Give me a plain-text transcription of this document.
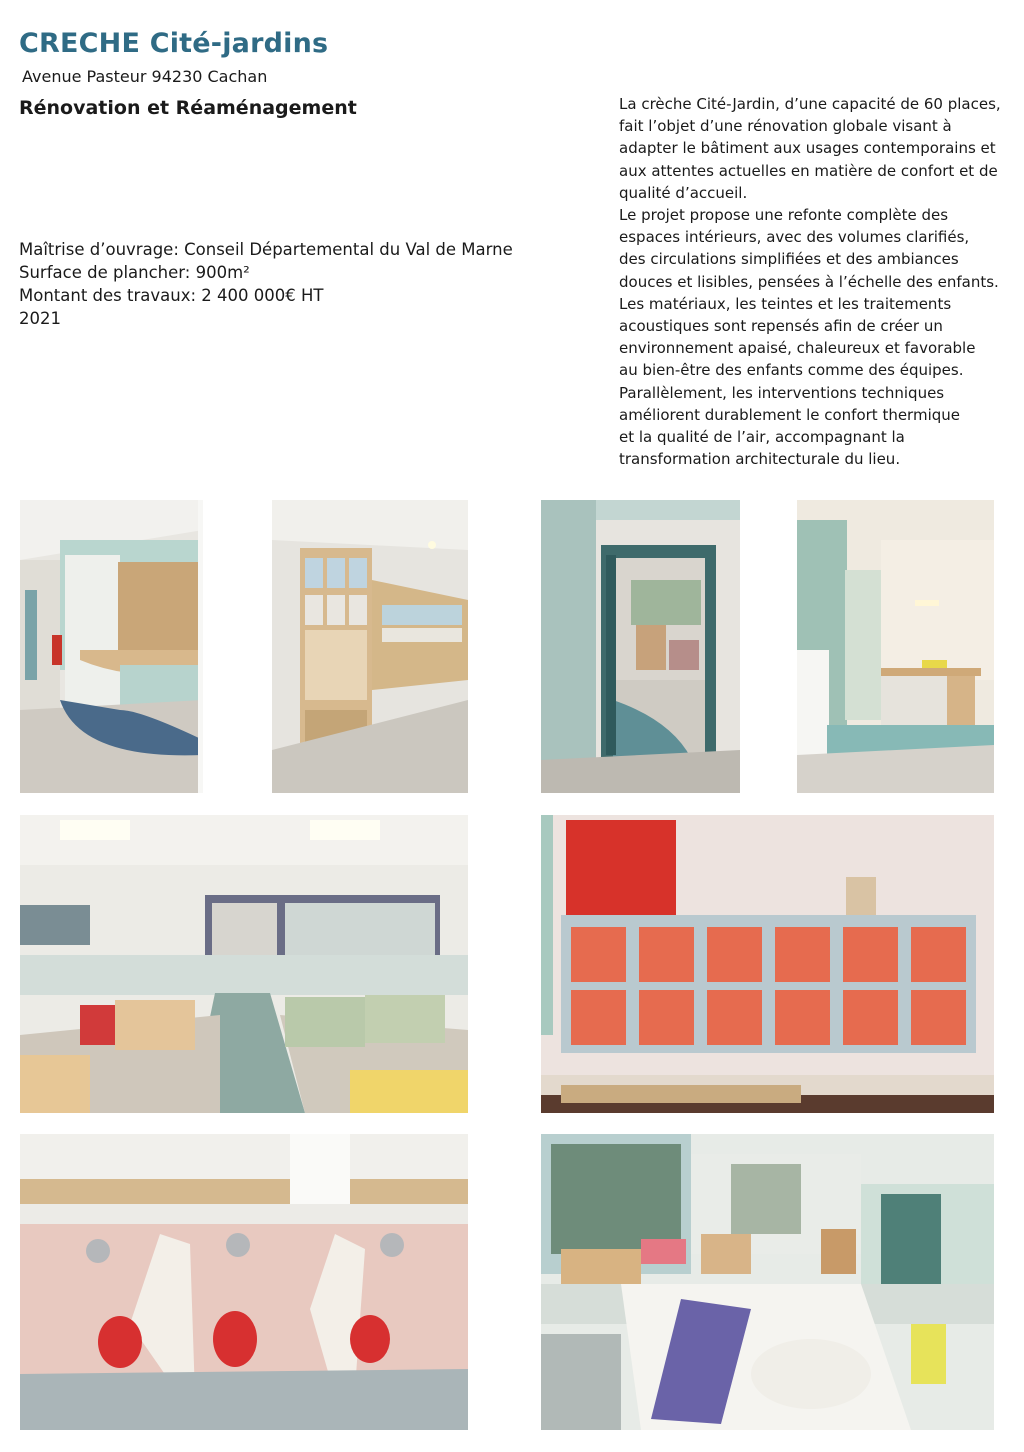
CRECHE Cité-jardins
Avenue Pasteur 94230 Cachan
Rénovation et Réaménagement
Maîtrise d’ouvrage: Conseil Départemental du Val de Marne
Surface de plancher: 900m²
Montant des travaux: 2 400 000€ HT
2021
La crèche Cité-Jardin, d’une capacité de 60 places,
fait l’objet d’une rénovation globale visant à
adapter le bâtiment aux usages contemporains et
aux attentes actuelles en matière de confort et de
qualité d’accueil.
Le projet propose une refonte complète des
espaces intérieurs, avec des volumes clarifiés,
des circulations simplifiées et des ambiances
douces et lisibles, pensées à l’échelle des enfants.
Les matériaux, les teintes et les traitements
acoustiques sont repensés afin de créer un
environnement apaisé, chaleureux et favorable
au bien-être des enfants comme des équipes.
Parallèlement, les interventions techniques
améliorent durablement le confort thermique
et la qualité de l’air, accompagnant la
transformation architecturale du lieu.
